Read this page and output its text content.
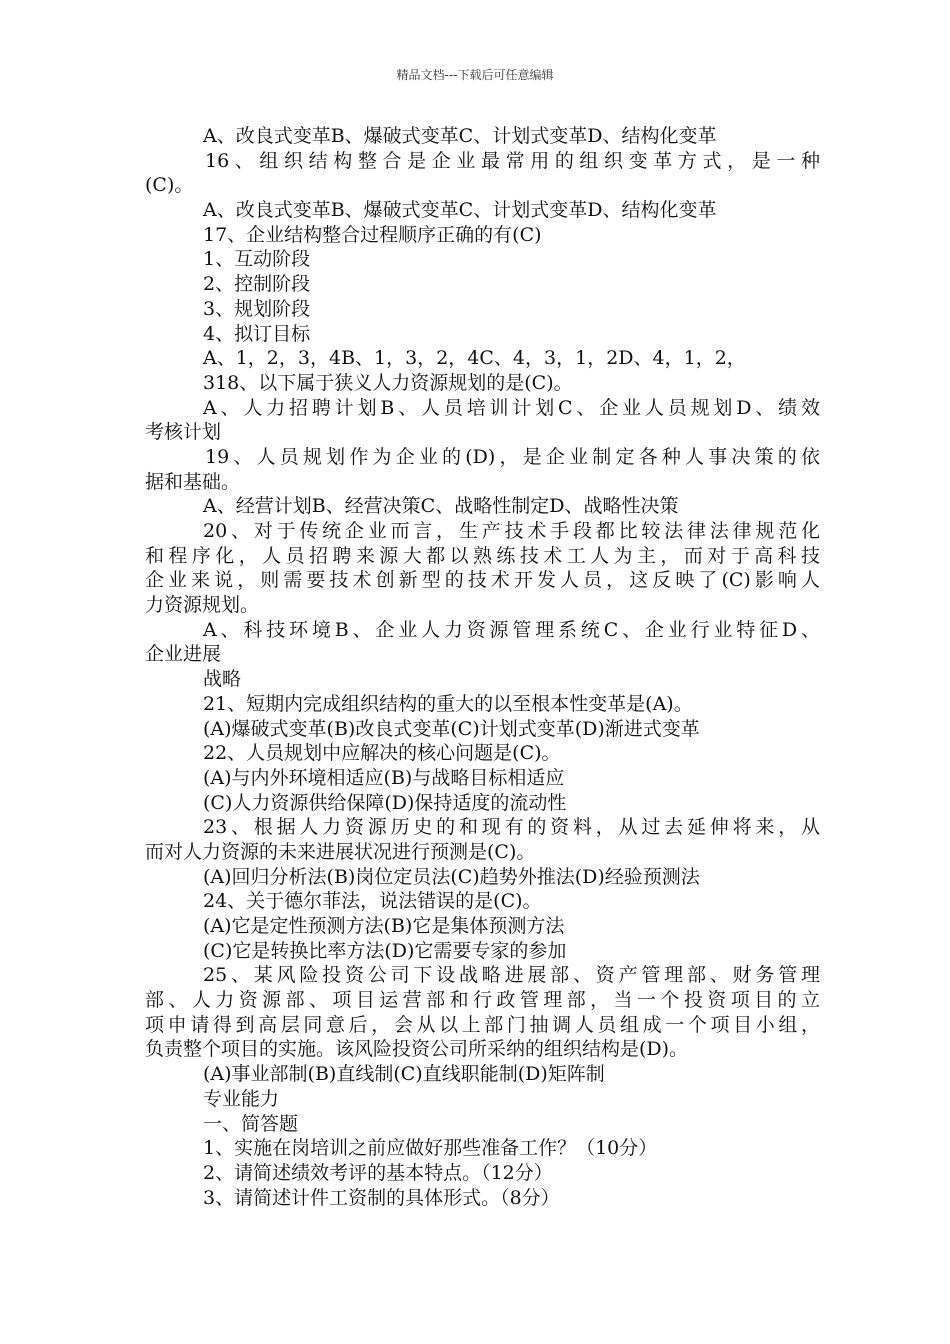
精品文档---下载后可任意编辑
A、改良式变革B、爆破式变革C、计划式变革D、结构化变革
16、组织结构整合是企业最常用的组织变革方式，是一种
(C)。
A、改良式变革B、爆破式变革C、计划式变革D、结构化变革
17、企业结构整合过程顺序正确的有(C)
1、互动阶段
2、控制阶段
3、规划阶段
4、拟订目标
A、1，2，3，4B、1，3，2，4C、4，3，1，2D、4，1，2，
318、以下属于狭义人力资源规划的是(C)。
A、人力招聘计划B、人员培训计划C、企业人员规划D、绩效
考核计划
19、人员规划作为企业的(D)，是企业制定各种人事决策的依
据和基础。
A、经营计划B、经营决策C、战略性制定D、战略性决策
20、对于传统企业而言，生产技术手段都比较法律法律规范化
和程序化，人员招聘来源大都以熟练技术工人为主，而对于高科技
企业来说，则需要技术创新型的技术开发人员，这反映了(C)影响人
力资源规划。
A、科技环境B、企业人力资源管理系统C、企业行业特征D、
企业进展
战略
21、短期内完成组织结构的重大的以至根本性变革是(A)。
(A)爆破式变革(B)改良式变革(C)计划式变革(D)渐进式变革
22、人员规划中应解决的核心问题是(C)。
(A)与内外环境相适应(B)与战略目标相适应
(C)人力资源供给保障(D)保持适度的流动性
23、根据人力资源历史的和现有的资料，从过去延伸将来，从
而对人力资源的未来进展状况进行预测是(C)。
(A)回归分析法(B)岗位定员法(C)趋势外推法(D)经验预测法
24、关于德尔菲法，说法错误的是(C)。
(A)它是定性预测方法(B)它是集体预测方法
(C)它是转换比率方法(D)它需要专家的参加
25、某风险投资公司下设战略进展部、资产管理部、财务管理
部、人力资源部、项目运营部和行政管理部，当一个投资项目的立
项申请得到高层同意后，会从以上部门抽调人员组成一个项目小组，
负责整个项目的实施。该风险投资公司所采纳的组织结构是(D)。
(A)事业部制(B)直线制(C)直线职能制(D)矩阵制
专业能力
一、简答题
1、实施在岗培训之前应做好那些准备工作？（10分）
2、请简述绩效考评的基本特点。（12分）
3、请简述计件工资制的具体形式。（8分）
